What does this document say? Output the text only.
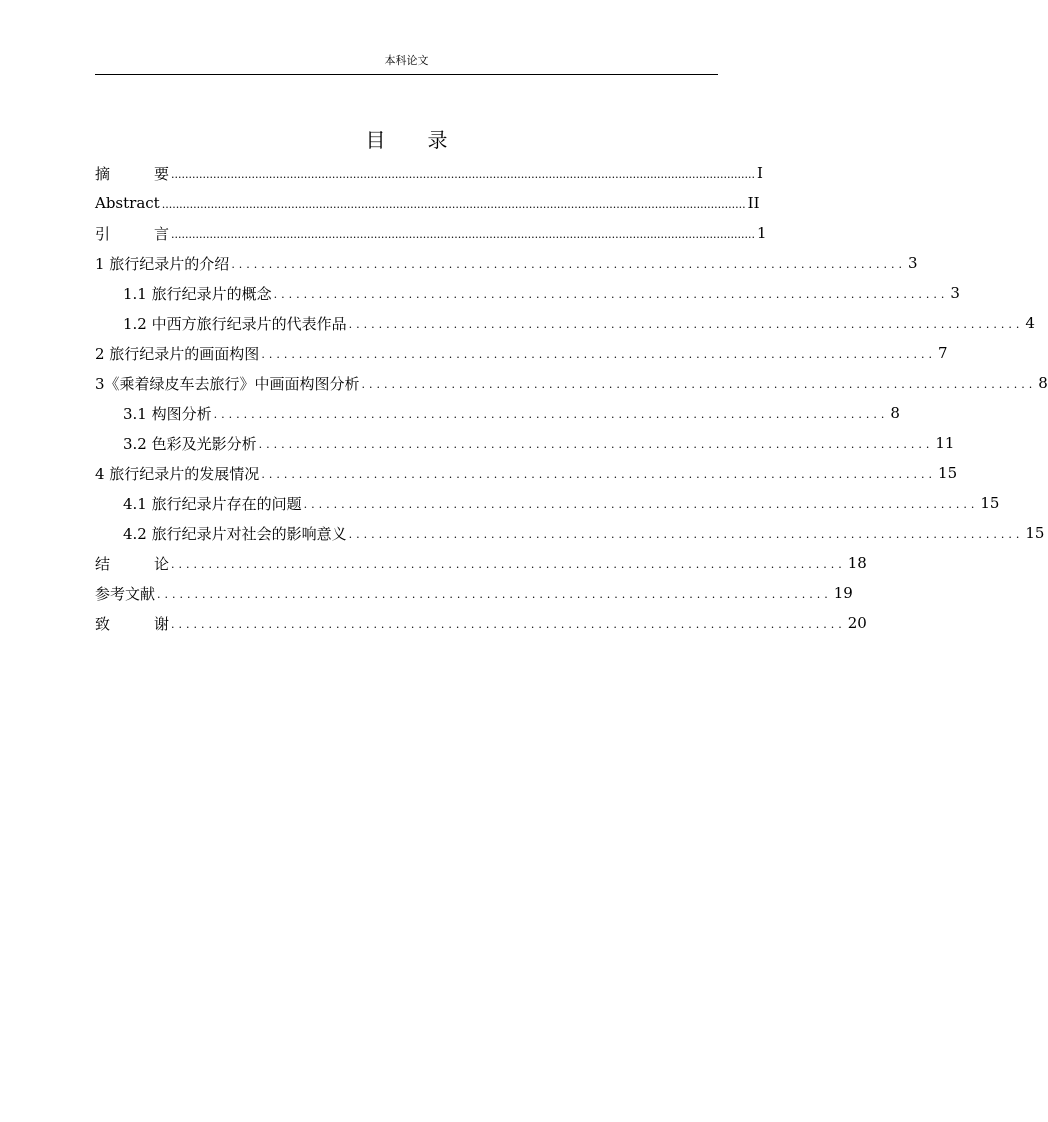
本科论文
目 录
摘	要 ....................................................................................................................................................................... I
Abstract ....................................................................................................................................................................... II
引	言 ....................................................................................................................................................................... 1
1 旅行纪录片的介绍 .......................................................................................... 3
1.1 旅行纪录片的概念 .......................................................................................... 3
1.2 中西方旅行纪录片的代表作品 .......................................................................................... 4
2 旅行纪录片的画面构图 .......................................................................................... 7
3《乘着绿皮车去旅行》中画面构图分析 .......................................................................................... 8
3.1 构图分析 .......................................................................................... 8
3.2 色彩及光影分析 .......................................................................................... 11
4 旅行纪录片的发展情况 .......................................................................................... 15
4.1 旅行纪录片存在的问题 .......................................................................................... 15
4.2 旅行纪录片对社会的影响意义 .......................................................................................... 15
结	论 .......................................................................................... 18
参考文献 .......................................................................................... 19
致	谢 .......................................................................................... 20
